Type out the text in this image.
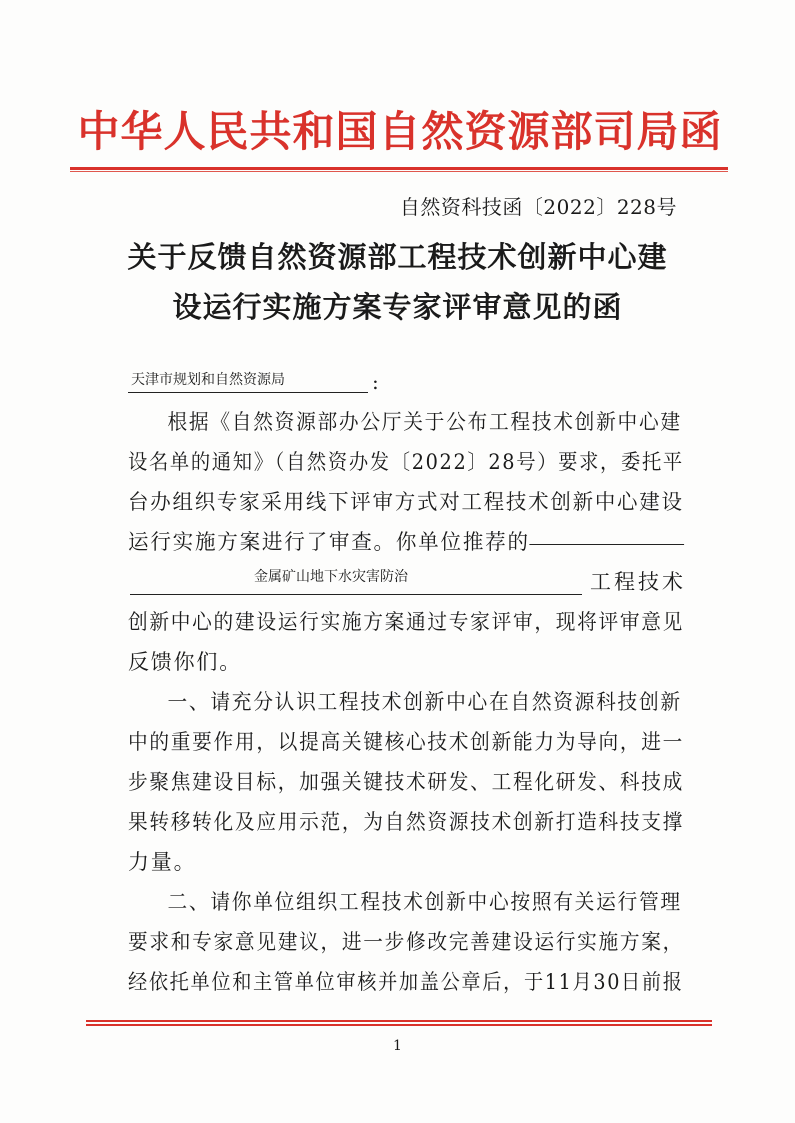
中华人民共和国自然资源部司局函
自然资科技函〔2022〕228号
关于反馈自然资源部工程技术创新中心建
设运行实施方案专家评审意见的函
天津市规划和自然资源局	:
根据《自然资源部办公厅关于公布工程技术创新中心建
设名单的通知》（自然资办发〔2022〕28号）要求，委托平
台办组织专家采用线下评审方式对工程技术创新中心建设
运行实施方案进行了审查。你单位推荐的
金属矿山地下水灾害防治	工程技术
创新中心的建设运行实施方案通过专家评审，现将评审意见
反馈你们。
一、请充分认识工程技术创新中心在自然资源科技创新
中的重要作用，以提高关键核心技术创新能力为导向，进一
步聚焦建设目标，加强关键技术研发、工程化研发、科技成
果转移转化及应用示范，为自然资源技术创新打造科技支撑
力量。
二、请你单位组织工程技术创新中心按照有关运行管理
要求和专家意见建议，进一步修改完善建设运行实施方案，
经依托单位和主管单位审核并加盖公章后，于11月30日前报
1
